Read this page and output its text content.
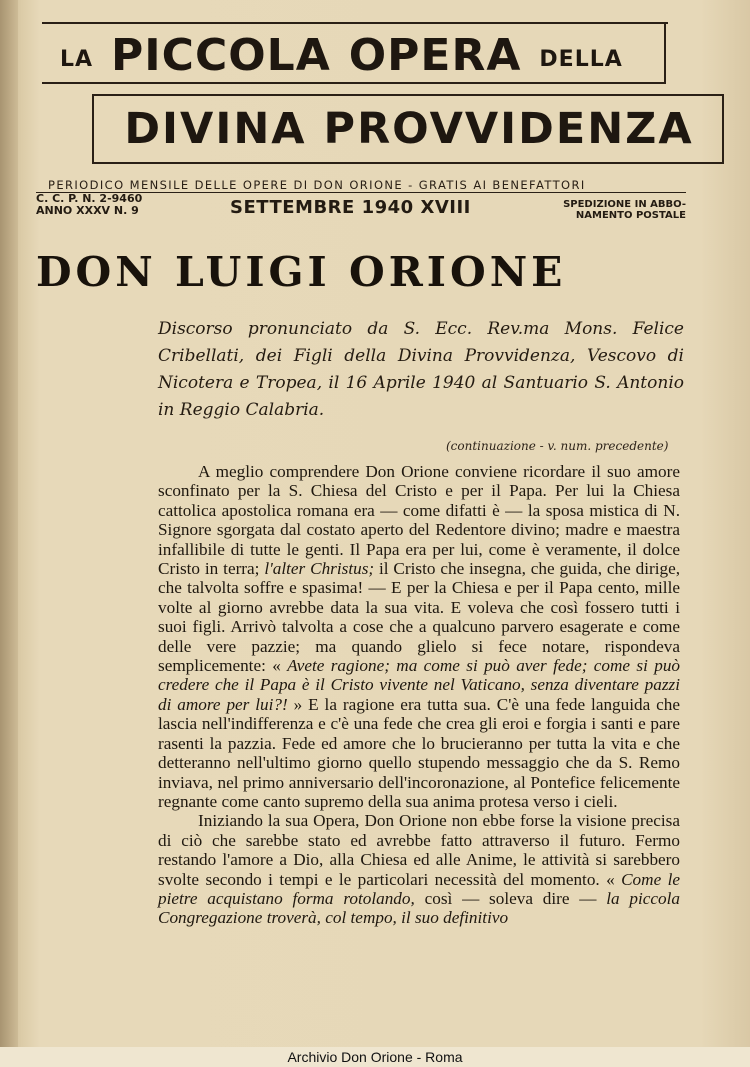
LA PICCOLA OPERA DELLA
DIVINA PROVVIDENZA
PERIODICO MENSILE DELLE OPERE DI DON ORIONE - GRATIS AI BENEFATTORI
C. C. P. N. 2-9460
ANNO XXXV N. 9	SETTEMBRE 1940 XVIII	SPEDIZIONE IN ABBO-
NAMENTO POSTALE
DON LUIGI ORIONE
Discorso pronunciato da S. Ecc. Rev.ma Mons. Felice Cribellati, dei Figli della Divina Provvidenza, Vescovo di Nicotera e Tropea, il 16 Aprile 1940 al Santuario S. Antonio in Reggio Calabria.
(continuazione - v. num. precedente)

A meglio comprendere Don Orione conviene ricordare il suo amore sconfinato per la S. Chiesa del Cristo e per il Papa. Per lui la Chiesa cattolica apostolica romana era — come difatti è — la sposa mistica di N. Signore sgorgata dal costato aperto del Redentore divino; madre e maestra infallibile di tutte le genti. Il Papa era per lui, come è veramente, il dolce Cristo in terra; l'alter Christus; il Cristo che insegna, che guida, che dirige, che talvolta soffre e spasima! — E per la Chiesa e per il Papa cento, mille volte al giorno avrebbe data la sua vita. E voleva che così fossero tutti i suoi figli. Arrivò talvolta a cose che a qualcuno parvero esagerate e come delle vere pazzie; ma quando glielo si fece notare, rispondeva semplicemente: « Avete ragione; ma come si può aver fede; come si può credere che il Papa è il Cristo vivente nel Vaticano, senza diventare pazzi di amore per lui?! » E la ragione era tutta sua. C'è una fede languida che lascia nell'indifferenza e c'è una fede che crea gli eroi e forgia i santi e pare rasenti la pazzia. Fede ed amore che lo brucieranno per tutta la vita e che detteranno nell'ultimo giorno quello stupendo messaggio che da S. Remo inviava, nel primo anniversario dell'incoronazione, al Pontefice felicemente regnante come canto supremo della sua anima protesa verso i cieli.

Iniziando la sua Opera, Don Orione non ebbe forse la visione precisa di ciò che sarebbe stato ed avrebbe fatto attraverso il futuro. Fermo restando l'amore a Dio, alla Chiesa ed alle Anime, le attività si sarebbero svolte secondo i tempi e le particolari necessità del momento. « Come le pietre acquistano forma rotolando, così — soleva dire — la piccola Congregazione troverà, col tempo, il suo definitivo

Archivio Don Orione - Roma
